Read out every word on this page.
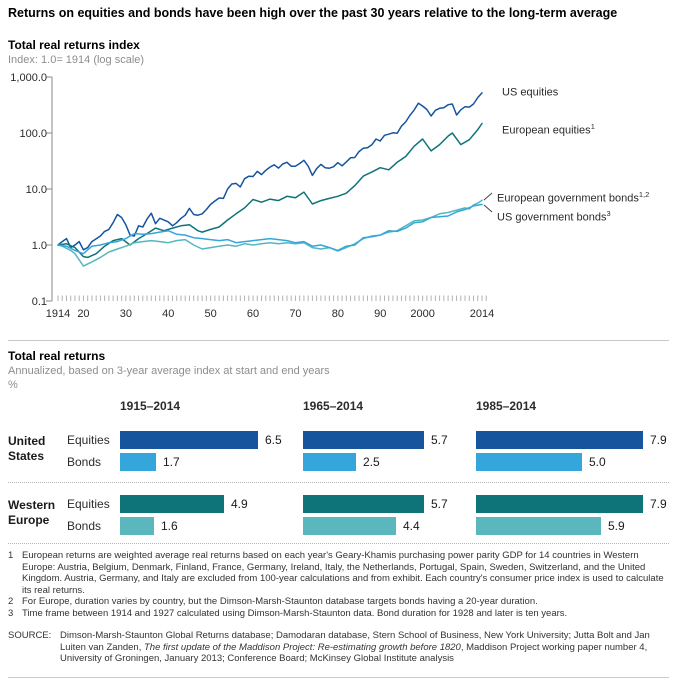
Returns on equities and bonds have been high over the past 30 years relative to the long-term average
Total real returns index
Index: 1.0= 1914 (log scale)
1,000.0
100.0
10.0
1.0
0.1
1914 20	30	40	50	60	70	80	90 2000	2014
US equities
European equities$^1$
European government bonds$^{1,2}$
US government bonds$^3$
Total real returns
Annualized, based on 3-year average index at start and end years
%
1915–2014	1965–2014	1985–2014
United States
Western Europe
Equities	6.5	5.7	7.9
Bonds	1.7	2.5	5.0
Equities	4.9	5.7	7.9
Bonds	1.6	4.4	5.9
1 European returns are weighted average real returns based on each year's Geary-Khamis purchasing power parity GDP for 14 countries in Western Europe: Austria, Belgium, Denmark, Finland, France, Germany, Ireland, Italy, the Netherlands, Portugal, Spain, Sweden, Switzerland, and the United Kingdom. Austria, Germany, and Italy are excluded from 100-year calculations and from exhibit. Each country's consumer price index is used to calculate its real returns.
2 For Europe, duration varies by country, but the Dimson-Marsh-Staunton database targets bonds having a 20-year duration.
3 Time frame between 1914 and 1927 calculated using Dimson-Marsh-Staunton data. Bond duration for 1928 and later is ten years.
SOURCE: Dimson-Marsh-Staunton Global Returns database; Damodaran database, Stern School of Business, New York University; Jutta Bolt and Jan Luiten van Zanden, The first update of the Maddison Project: Re-estimating growth before 1820, Maddison Project working paper number 4, University of Groningen, January 2013; Conference Board; McKinsey Global Institute analysis
